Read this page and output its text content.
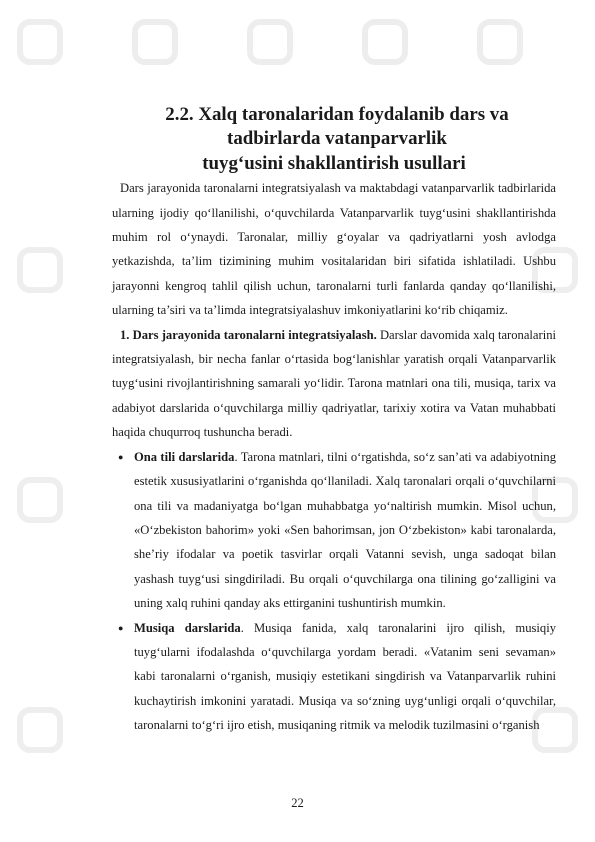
2.2. Xalq taronalaridan foydalanib dars va tadbirlarda vatanparvarlik
tuyg‘usini shakllantirish usullari

Dars jarayonida taronalarni integratsiyalash va maktabdagi vatanparvarlik tadbirlarida ularning ijodiy qo‘llanilishi, o‘quvchilarda Vatanparvarlik tuyg‘usini shakllantirishda muhim rol o‘ynaydi. Taronalar, milliy g‘oyalar va qadriyatlarni yosh avlodga yetkazishda, ta’lim tizimining muhim vositalaridan biri sifatida ishlatiladi. Ushbu jarayonni kengroq tahlil qilish uchun, taronalarni turli fanlarda qanday qo‘llanilishi, ularning ta’siri va ta’limda integratsiyalashuv imkoniyatlarini ko‘rib chiqamiz.

1. Dars jarayonida taronalarni integratsiyalash. Darslar davomida xalq taronalarini integratsiyalash, bir necha fanlar o‘rtasida bog‘lanishlar yaratish orqali Vatanparvarlik tuyg‘usini rivojlantirishning samarali yo‘lidir. Tarona matnlari ona tili, musiqa, tarix va adabiyot darslarida o‘quvchilarga milliy qadriyatlar, tarixiy xotira va Vatan muhabbati haqida chuqurroq tushuncha beradi.

● Ona tili darslarida. Tarona matnlari, tilni o‘rgatishda, so‘z san’ati va adabiyotning estetik xususiyatlarini o‘rganishda qo‘llaniladi. Xalq taronalari orqali o‘quvchilarni ona tili va madaniyatga bo‘lgan muhabbatga yo‘naltirish mumkin. Misol uchun, «O‘zbekiston bahorim» yoki «Sen bahorimsan, jon O‘zbekiston» kabi taronalarda, she’riy ifodalar va poetik tasvirlar orqali Vatanni sevish, unga sadoqat bilan yashash tuyg‘usi singdiriladi. Bu orqali o‘quvchilarga ona tilining go‘zalligini va uning xalq ruhini qanday aks ettirganini tushuntirish mumkin.

● Musiqa darslarida. Musiqa fanida, xalq taronalarini ijro qilish, musiqiy tuyg‘ularni ifodalashda o‘quvchilarga yordam beradi. «Vatanim seni sevaman» kabi taronalarni o‘rganish, musiqiy estetikani singdirish va Vatanparvarlik ruhini kuchaytirish imkonini yaratadi. Musiqa va so‘zning uyg‘unligi orqali o‘quvchilar, taronalarni to‘g‘ri ijro etish, musiqaning ritmik va melodik tuzilmasini o‘rganish

22
